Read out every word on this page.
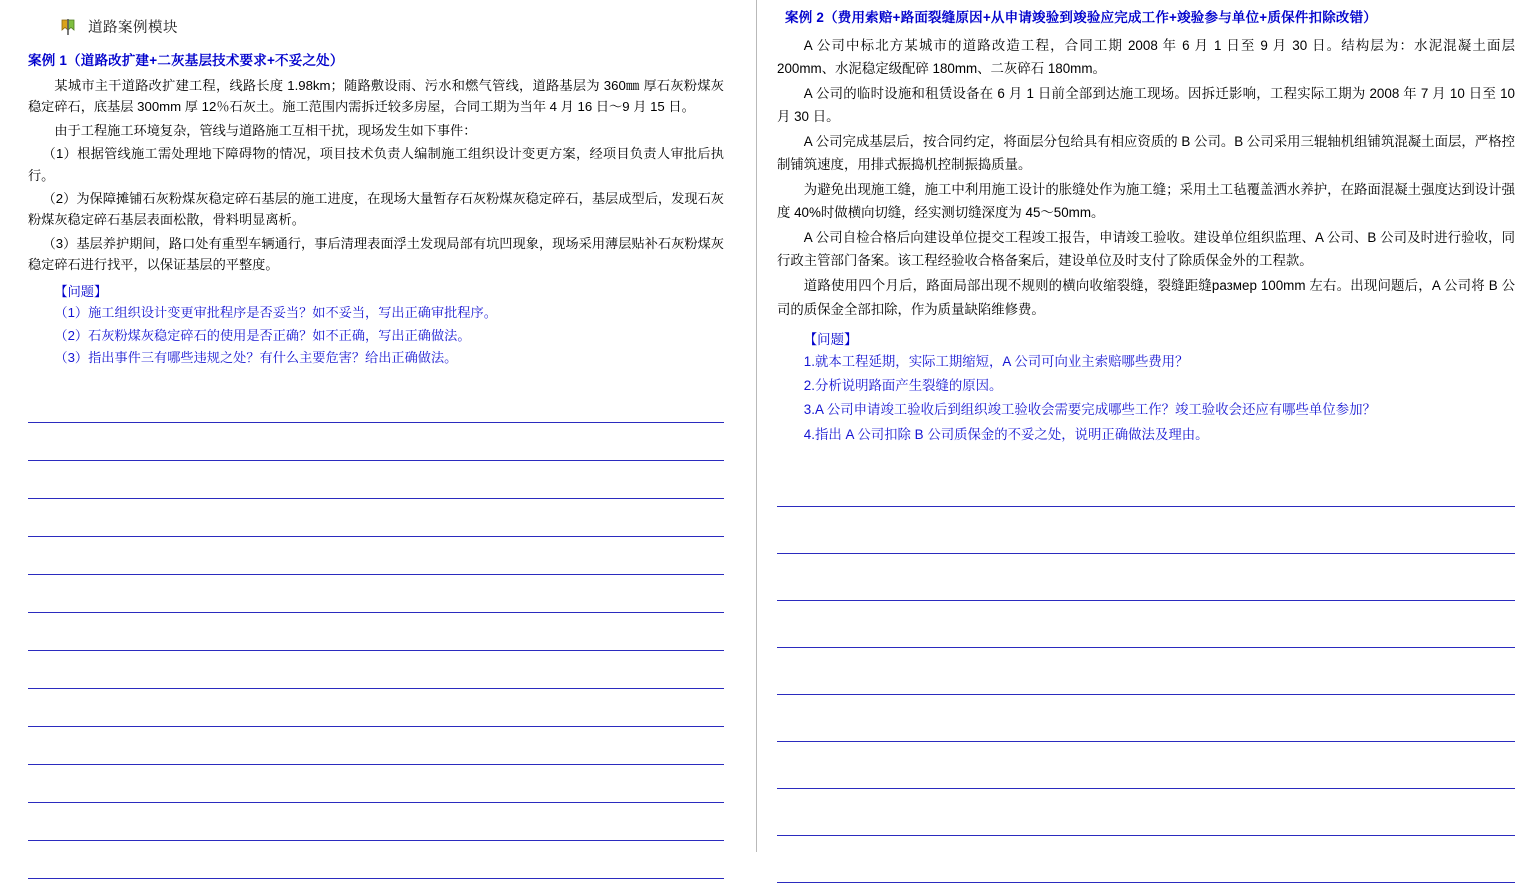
道路案例模块
案例 1（道路改扩建+二灰基层技术要求+不妥之处）

某城市主干道路改扩建工程，线路长度 1.98km；随路敷设雨、污水和燃气管线，道路基层为 360㎜ 厚石灰粉煤灰稳定碎石，底基层 300mm 厚 12％石灰土。施工范围内需拆迁较多房屋，合同工期为当年 4 月 16 日～9 月 15 日。

由于工程施工环境复杂，管线与道路施工互相干扰，现场发生如下事件：

（1）根据管线施工需处理地下障碍物的情况，项目技术负责人编制施工组织设计变更方案，经项目负责人审批后执行。

（2）为保障摊铺石灰粉煤灰稳定碎石基层的施工进度，在现场大量暂存石灰粉煤灰稳定碎石，基层成型后，发现石灰粉煤灰稳定碎石基层表面松散，骨料明显离析。

（3）基层养护期间，路口处有重型车辆通行，事后清理表面浮土发现局部有坑凹现象，现场采用薄层贴补石灰粉煤灰稳定碎石进行找平，以保证基层的平整度。

【问题】

（1）施工组织设计变更审批程序是否妥当？如不妥当，写出正确审批程序。

（2）石灰粉煤灰稳定碎石的使用是否正确？如不正确，写出正确做法。

（3）指出事件三有哪些违规之处？有什么主要危害？给出正确做法。

案例 2（费用索赔+路面裂缝原因+从申请竣验到竣验应完成工作+竣验参与单位+质保件扣除改错）

A 公司中标北方某城市的道路改造工程，合同工期 2008 年 6 月 1 日至 9 月 30 日。结构层为：水泥混凝土面层 200mm、水泥稳定级配碎 180mm、二灰碎石 180mm。

A 公司的临时设施和租赁设备在 6 月 1 日前全部到达施工现场。因拆迁影响，工程实际工期为 2008 年 7 月 10 日至 10 月 30 日。

A 公司完成基层后，按合同约定，将面层分包给具有相应资质的 B 公司。B 公司采用三辊轴机组铺筑混凝土面层，严格控制铺筑速度，用排式振捣机控制振捣质量。

为避免出现施工缝，施工中利用施工设计的胀缝处作为施工缝；采用土工毡覆盖洒水养护，在路面混凝土强度达到设计强度 40%时做横向切缝，经实测切缝深度为 45～50mm。

A 公司自检合格后向建设单位提交工程竣工报告，申请竣工验收。建设单位组织监理、A 公司、B 公司及时进行验收，同行政主管部门备案。该工程经验收合格备案后，建设单位及时支付了除质保金外的工程款。

道路使用四个月后，路面局部出现不规则的横向收缩裂缝，裂缝距缝размер 100mm 左右。出现问题后，A 公司将 B 公司的质保金全部扣除，作为质量缺陷维修费。

【问题】

1.就本工程延期，实际工期缩短，A 公司可向业主索赔哪些费用？

2.分析说明路面产生裂缝的原因。

3.A 公司申请竣工验收后到组织竣工验收会需要完成哪些工作？竣工验收会还应有哪些单位参加？

4.指出 A 公司扣除 B 公司质保金的不妥之处，说明正确做法及理由。
